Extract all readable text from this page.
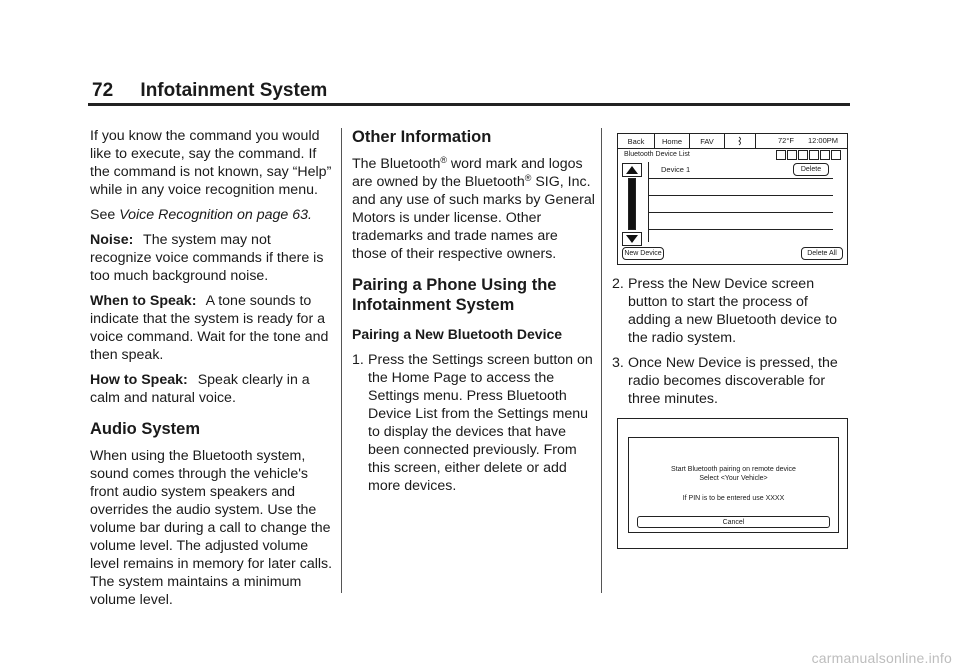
72 Infotainment System

If you know the command you would like to execute, say the command. If the command is not known, say “Help” while in any voice recognition menu.

See Voice Recognition on page 63.

Noise: The system may not recognize voice commands if there is too much background noise.

When to Speak: A tone sounds to indicate that the system is ready for a voice command. Wait for the tone and then speak.

How to Speak: Speak clearly in a calm and natural voice.

Audio System

When using the Bluetooth system, sound comes through the vehicle's front audio system speakers and overrides the audio system. Use the volume bar during a call to change the volume level. The adjusted volume level remains in memory for later calls. The system maintains a minimum volume level.

Other Information

The Bluetooth® word mark and logos are owned by the Bluetooth® SIG, Inc. and any use of such marks by General Motors is under license. Other trademarks and trade names are those of their respective owners.

Pairing a Phone Using the Infotainment System
Pairing a New Bluetooth Device
1. Press the Settings screen button on the Home Page to access the Settings menu. Press Bluetooth Device List from the Settings menu to display the devices that have been connected previously. From this screen, either delete or add more devices.
Back	Home	FAV	72°F 12:00PM
Bluetooth Device List
Device 1	Delete
New Device	Delete All
2. Press the New Device screen button to start the process of adding a new Bluetooth device to the radio system.
3. Once New Device is pressed, the radio becomes discoverable for three minutes.
Start Bluetooth pairing on remote device
Select <Your Vehicle>
If PIN is to be entered use XXXX
Cancel
carmanualsonline.info
